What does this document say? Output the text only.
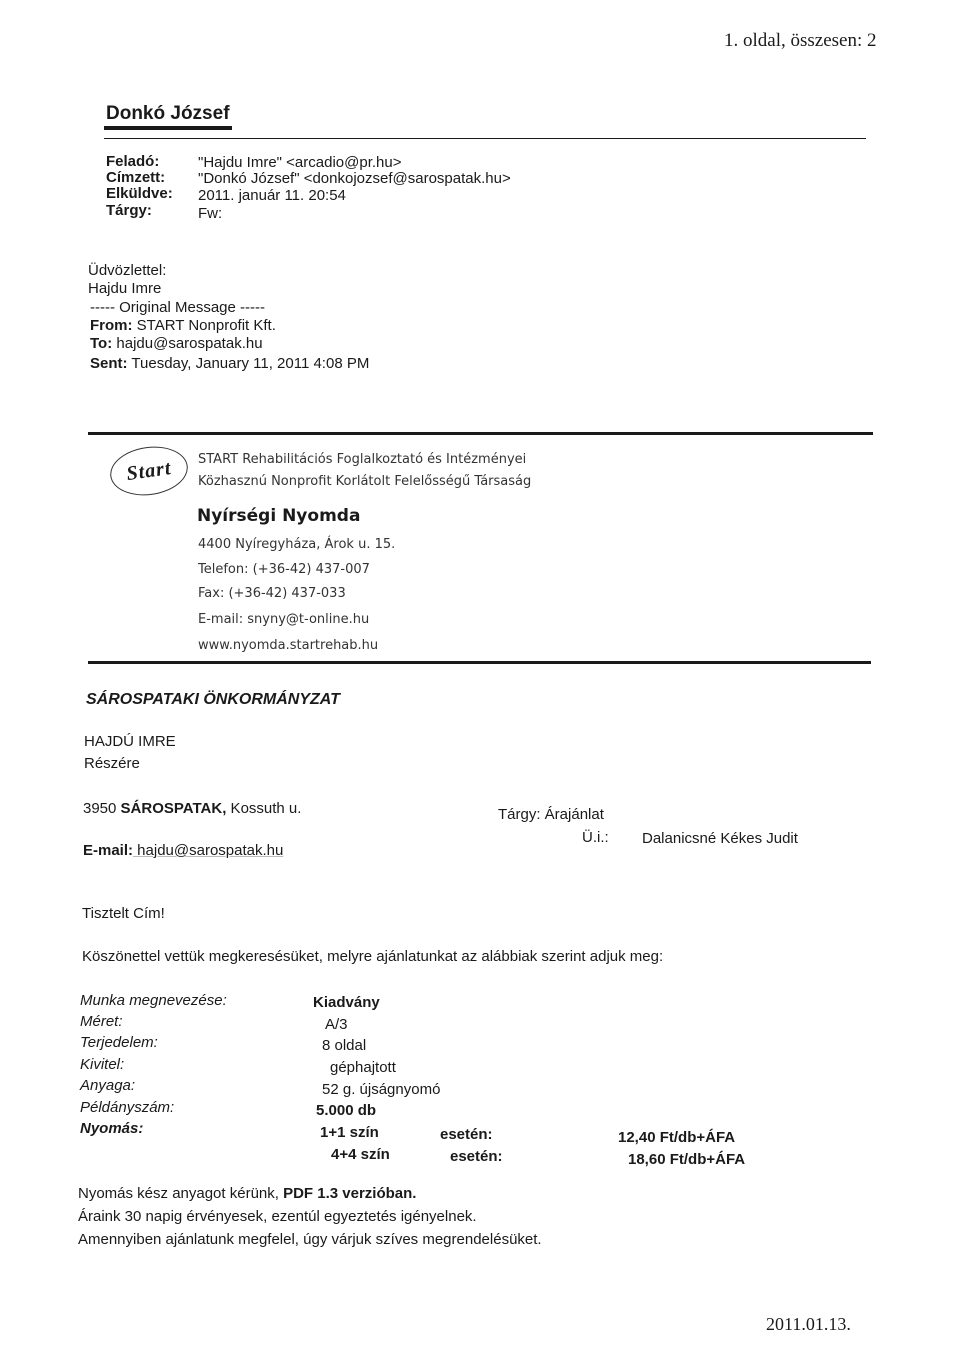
1. oldal, összesen: 2
Donkó József
Feladó:	"Hajdu Imre" <arcadio@pr.hu>
Címzett: "Donkó József" <donkojozsef@sarospatak.hu>
Elküldve: 2011. január 11. 20:54
Tárgy:	Fw:
Üdvözlettel:
Hajdu Imre
----- Original Message -----
From: START Nonprofit Kft.
To: hajdu@sarospatak.hu
Sent: Tuesday, January 11, 2011 4:08 PM
Start START Rehabilitációs Foglalkoztató és Intézményei
Közhasznú Nonprofit Korlátolt Felelősségű Társaság
Nyírségi Nyomda
4400 Nyíregyháza, Árok u. 15.
Telefon: (+36-42) 437-007
Fax: (+36-42) 437-033
E-mail: snyny@t-online.hu
www.nyomda.startrehab.hu
SÁROSPATAKI ÖNKORMÁNYZAT
HAJDÚ IMRE
Részére
3950 SÁROSPATAK, Kossuth u.
E-mail: hajdu@sarospatak.hu
Tárgy: Árajánlat
Ü.i.: Dalanicsné Kékes Judit
Tisztelt Cím!
Köszönettel vettük megkeresésüket, melyre ajánlatunkat az alábbiak szerint adjuk meg:
Munka megnevezése:	Kiadvány
Méret:	A/3
Terjedelem:	8 oldal
Kivitel:	géphajtott
Anyaga:	52 g. újságnyomó
Példányszám:	5.000 db
Nyomás:	1+1 szín	esetén:	12,40 Ft/db+ÁFA
4+4 szín	esetén:	18,60 Ft/db+ÁFA
Nyomás kész anyagot kérünk, PDF 1.3 verzióban.
Áraink 30 napig érvényesek, ezentúl egyeztetés igényelnek.
Amennyiben ajánlatunk megfelel, úgy várjuk szíves megrendelésüket.
2011.01.13.
